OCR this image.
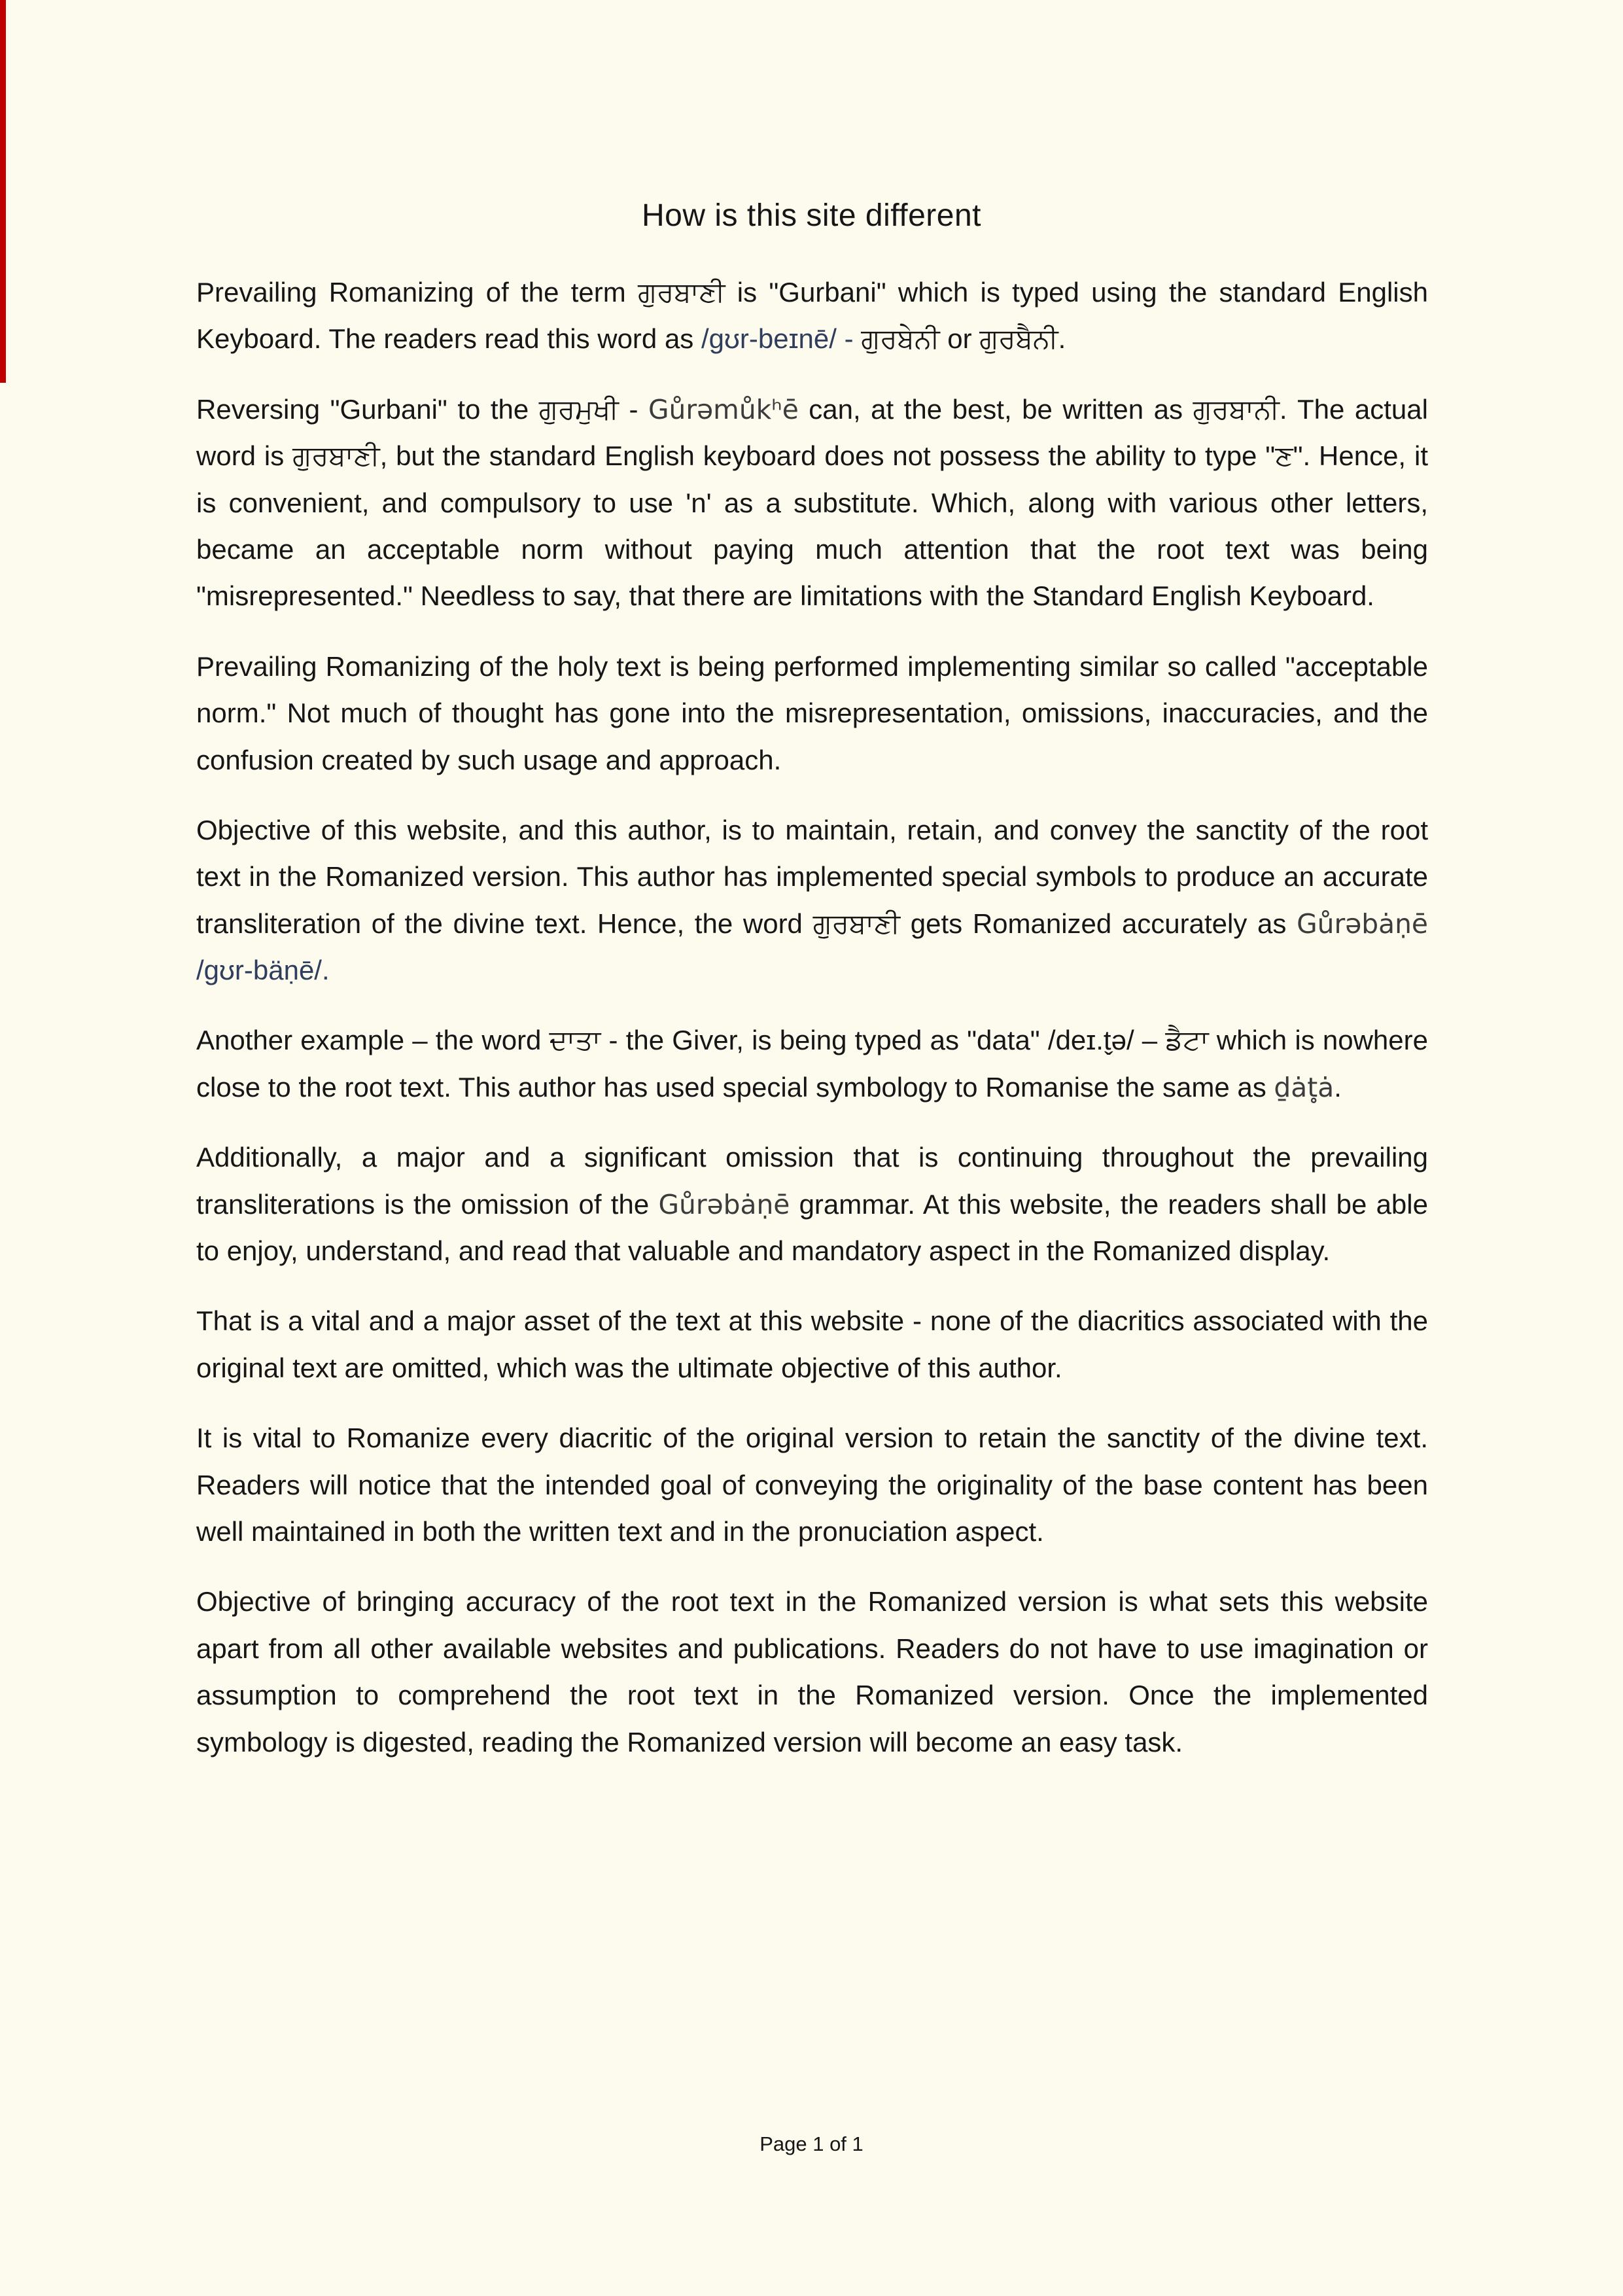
How is this site different

Prevailing Romanizing of the term ਗੁਰਬਾਣੀ is "Gurbani" which is typed using the standard English Keyboard. The readers read this word as /gʊr-beɪnē/ - ਗੁਰਬੇਨੀ or ਗੁਰਬੈਨੀ.

Reversing "Gurbani" to the ਗੁਰਮੁਖੀ - Gůrəmůkʰē can, at the best, be written as ਗੁਰਬਾਨੀ. The actual word is ਗੁਰਬਾਣੀ, but the standard English keyboard does not possess the ability to type "ਣ". Hence, it is convenient, and compulsory to use 'n' as a substitute. Which, along with various other letters, became an acceptable norm without paying much attention that the root text was being "misrepresented." Needless to say, that there are limitations with the Standard English Keyboard.

Prevailing Romanizing of the holy text is being performed implementing similar so called "acceptable norm." Not much of thought has gone into the misrepresentation, omissions, inaccuracies, and the confusion created by such usage and approach.

Objective of this website, and this author, is to maintain, retain, and convey the sanctity of the root text in the Romanized version. This author has implemented special symbols to produce an accurate transliteration of the divine text. Hence, the word ਗੁਰਬਾਣੀ gets Romanized accurately as Gůrəbȧṇē /gʊr-bäṇē/.

Another example – the word ਦਾਤਾ - the Giver, is being typed as "data" /deɪ.t̬ə/ – ਡੈਟਾ which is nowhere close to the root text. This author has used special symbology to Romanise the same as ḏȧt̥ȧ.

Additionally, a major and a significant omission that is continuing throughout the prevailing transliterations is the omission of the Gůrəbȧṇē grammar. At this website, the readers shall be able to enjoy, understand, and read that valuable and mandatory aspect in the Romanized display.

That is a vital and a major asset of the text at this website - none of the diacritics associated with the original text are omitted, which was the ultimate objective of this author.

It is vital to Romanize every diacritic of the original version to retain the sanctity of the divine text. Readers will notice that the intended goal of conveying the originality of the base content has been well maintained in both the written text and in the pronuciation aspect.

Objective of bringing accuracy of the root text in the Romanized version is what sets this website apart from all other available websites and publications. Readers do not have to use imagination or assumption to comprehend the root text in the Romanized version. Once the implemented symbology is digested, reading the Romanized version will become an easy task.

Page 1 of 1
